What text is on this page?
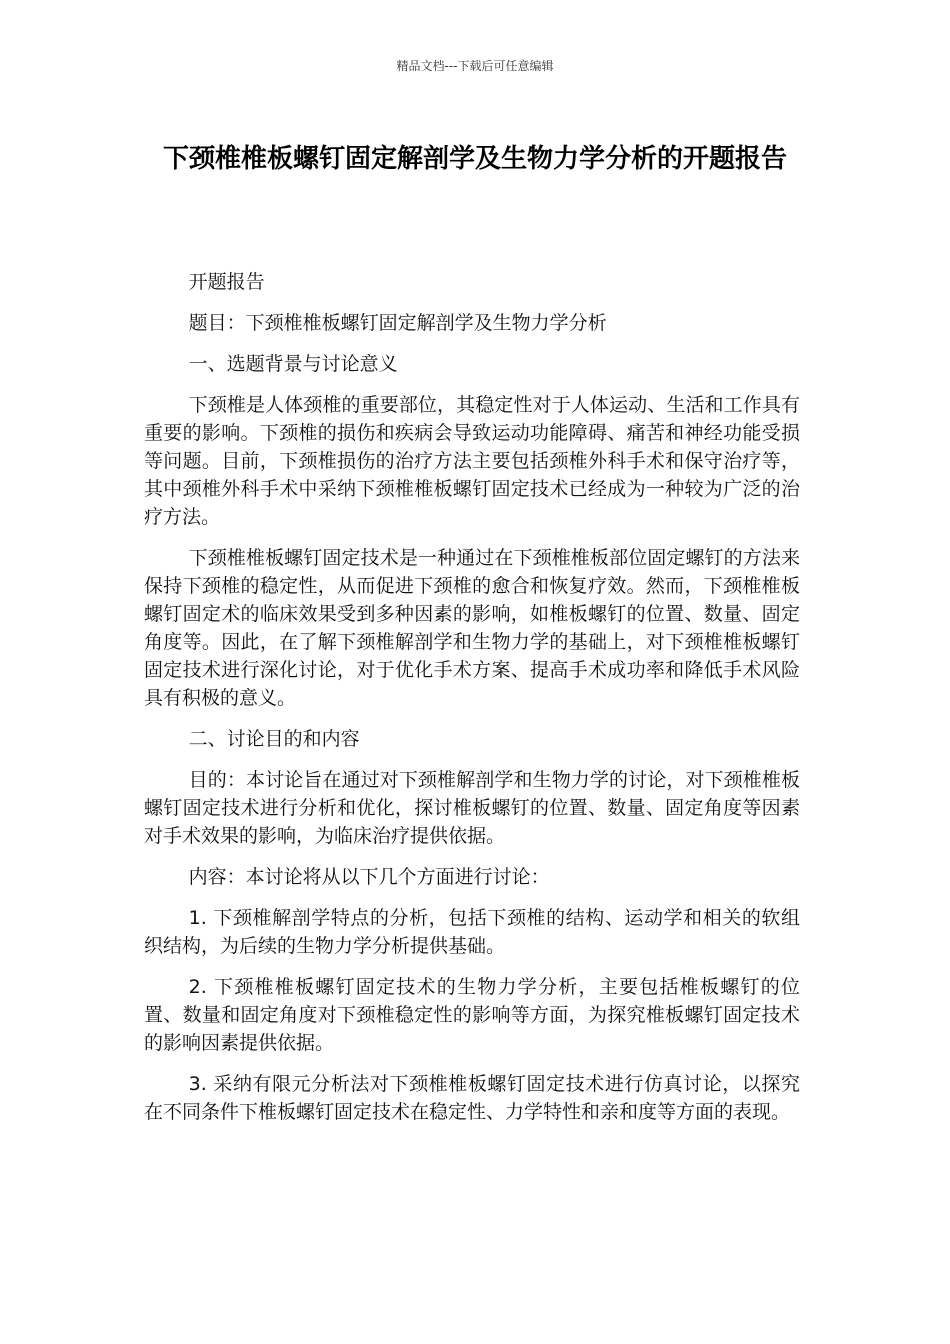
精品文档---下载后可任意编辑
下颈椎椎板螺钉固定解剖学及生物力学分析的开题报告

开题报告

题目：下颈椎椎板螺钉固定解剖学及生物力学分析

一、选题背景与讨论意义

下颈椎是人体颈椎的重要部位，其稳定性对于人体运动、生活和工作具有重要的影响。下颈椎的损伤和疾病会导致运动功能障碍、痛苦和神经功能受损等问题。目前，下颈椎损伤的治疗方法主要包括颈椎外科手术和保守治疗等，其中颈椎外科手术中采纳下颈椎椎板螺钉固定技术已经成为一种较为广泛的治疗方法。

下颈椎椎板螺钉固定技术是一种通过在下颈椎椎板部位固定螺钉的方法来保持下颈椎的稳定性，从而促进下颈椎的愈合和恢复疗效。然而，下颈椎椎板螺钉固定术的临床效果受到多种因素的影响，如椎板螺钉的位置、数量、固定角度等。因此，在了解下颈椎解剖学和生物力学的基础上，对下颈椎椎板螺钉固定技术进行深化讨论，对于优化手术方案、提高手术成功率和降低手术风险具有积极的意义。

二、讨论目的和内容

目的：本讨论旨在通过对下颈椎解剖学和生物力学的讨论，对下颈椎椎板螺钉固定技术进行分析和优化，探讨椎板螺钉的位置、数量、固定角度等因素对手术效果的影响，为临床治疗提供依据。

内容：本讨论将从以下几个方面进行讨论：

1. 下颈椎解剖学特点的分析，包括下颈椎的结构、运动学和相关的软组织结构，为后续的生物力学分析提供基础。

2. 下颈椎椎板螺钉固定技术的生物力学分析，主要包括椎板螺钉的位置、数量和固定角度对下颈椎稳定性的影响等方面，为探究椎板螺钉固定技术的影响因素提供依据。

3. 采纳有限元分析法对下颈椎椎板螺钉固定技术进行仿真讨论，以探究在不同条件下椎板螺钉固定技术在稳定性、力学特性和亲和度等方面的表现。
